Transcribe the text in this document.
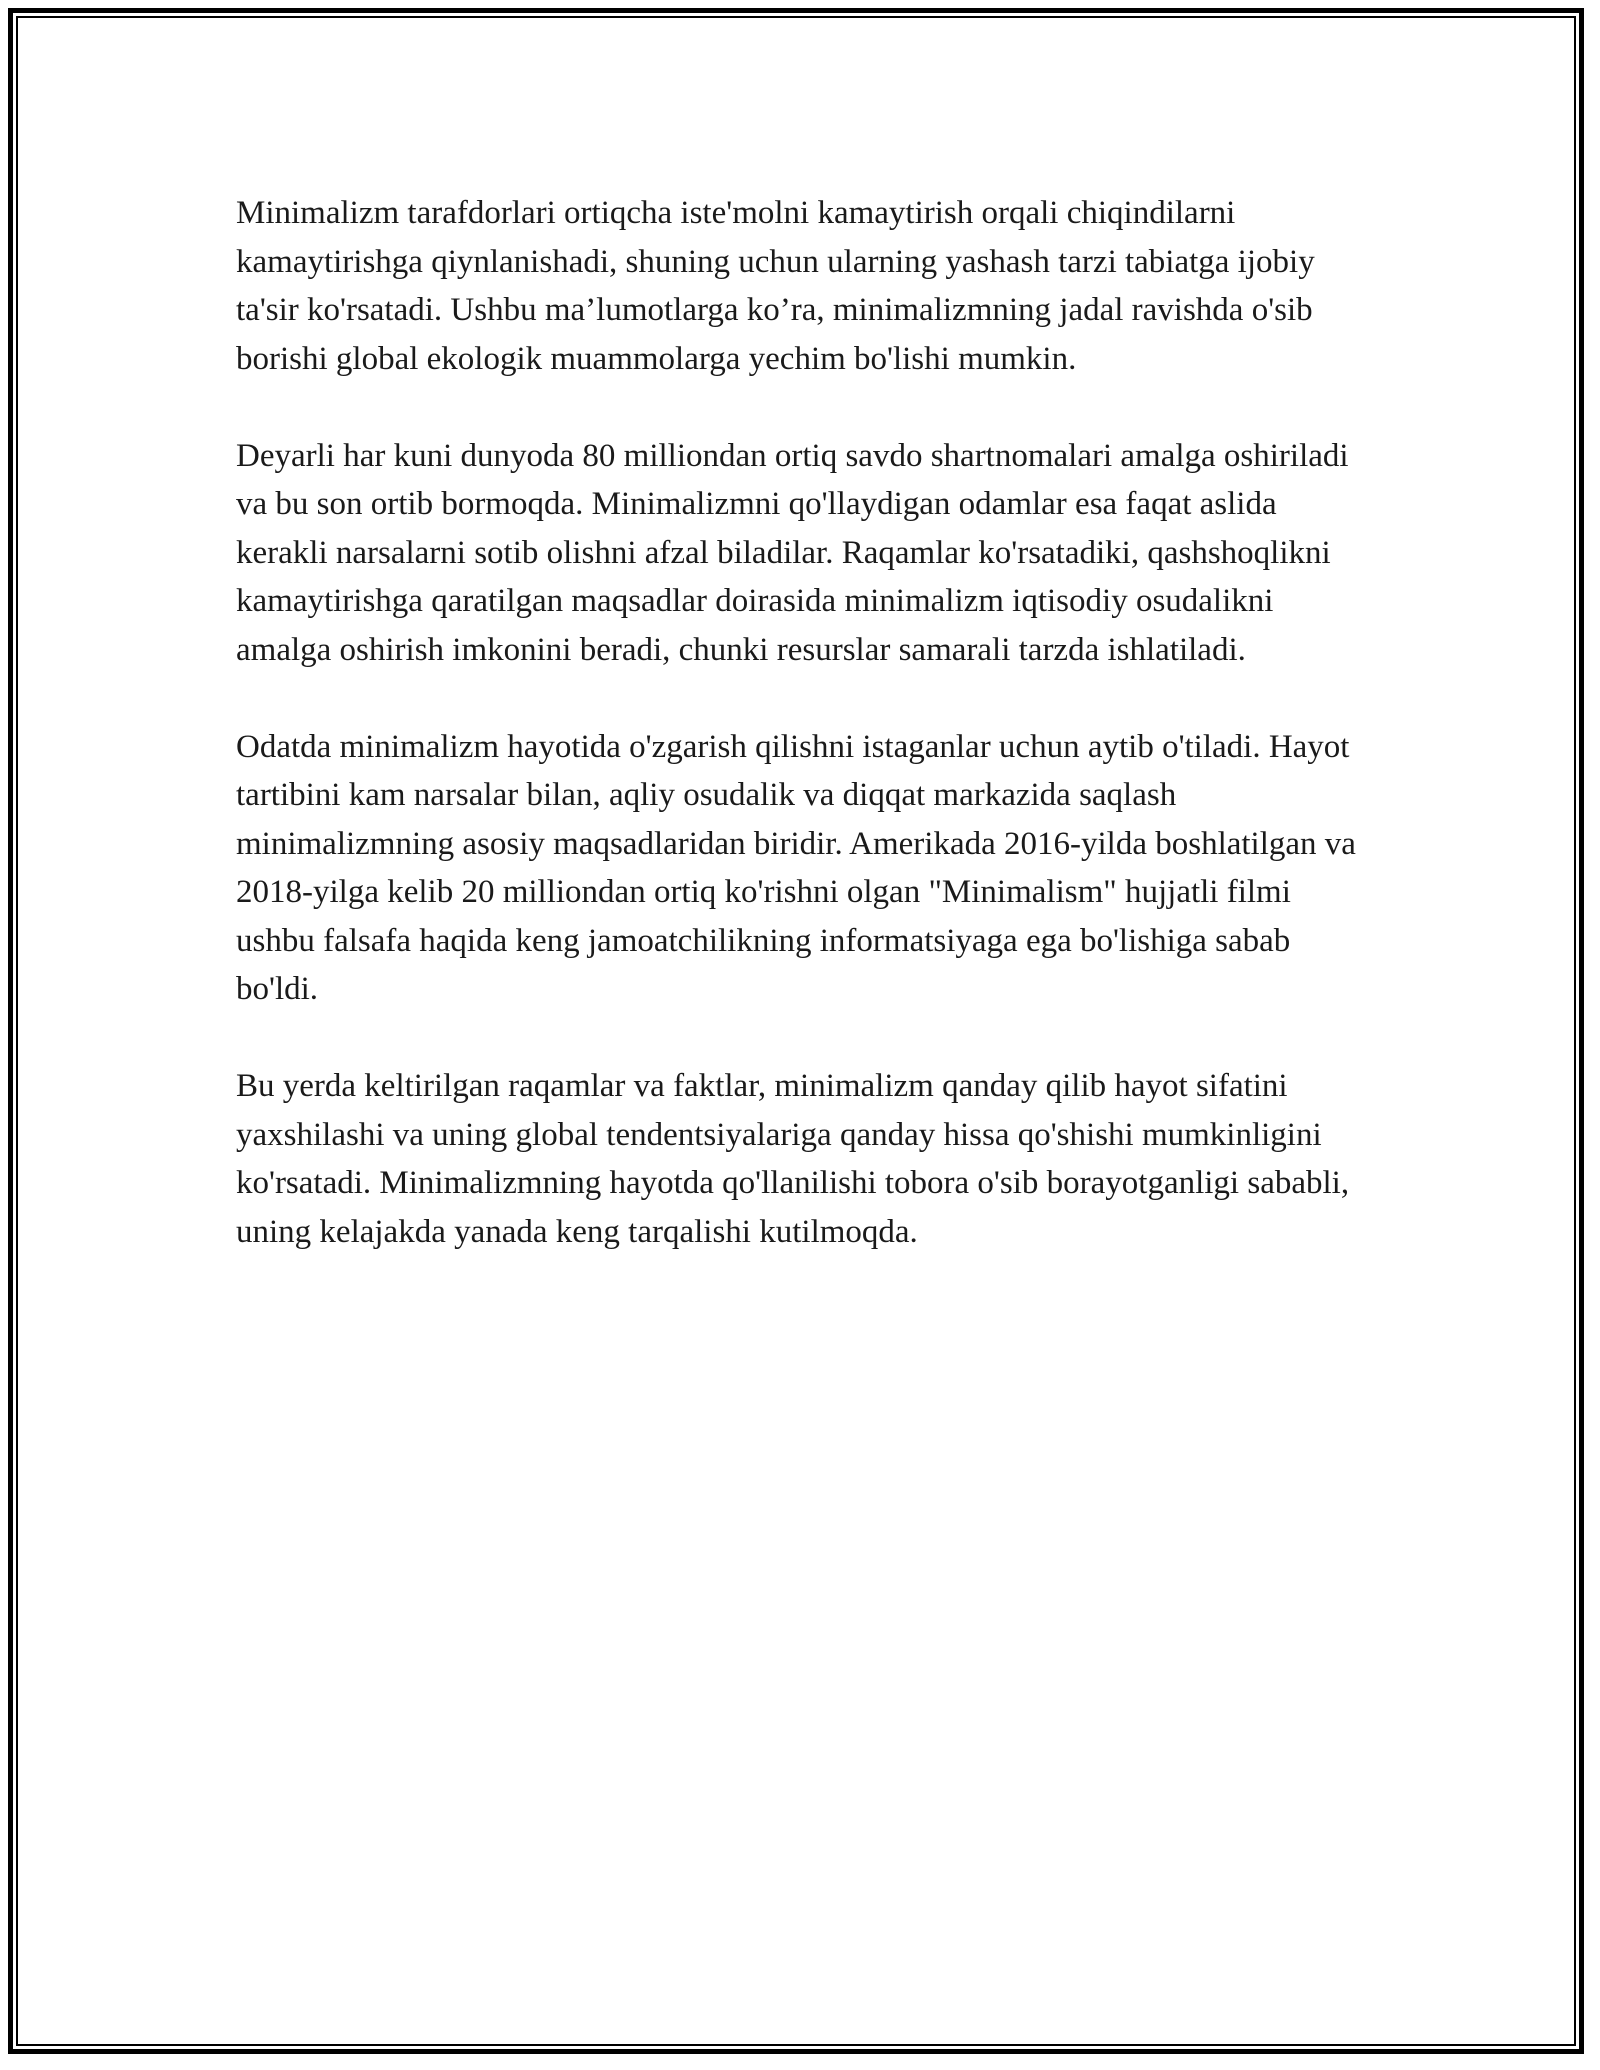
Minimalizm tarafdorlari ortiqcha iste'molni kamaytirish orqali chiqindilarni kamaytirishga qiynlanishadi, shuning uchun ularning yashash tarzi tabiatga ijobiy ta'sir ko'rsatadi. Ushbu ma’lumotlarga ko’ra, minimalizmning jadal ravishda o'sib borishi global ekologik muammolarga yechim bo'lishi mumkin.

Deyarli har kuni dunyoda 80 milliondan ortiq savdo shartnomalari amalga oshiriladi va bu son ortib bormoqda. Minimalizmni qo'llaydigan odamlar esa faqat aslida kerakli narsalarni sotib olishni afzal biladilar. Raqamlar ko'rsatadiki, qashshoqlikni kamaytirishga qaratilgan maqsadlar doirasida minimalizm iqtisodiy osudalikni amalga oshirish imkonini beradi, chunki resurslar samarali tarzda ishlatiladi.

Odatda minimalizm hayotida o'zgarish qilishni istaganlar uchun aytib o'tiladi. Hayot tartibini kam narsalar bilan, aqliy osudalik va diqqat markazida saqlash minimalizmning asosiy maqsadlaridan biridir. Amerikada 2016-yilda boshlatilgan va 2018-yilga kelib 20 milliondan ortiq ko'rishni olgan "Minimalism" hujjatli filmi ushbu falsafa haqida keng jamoatchilikning informatsiyaga ega bo'lishiga sabab bo'ldi.

Bu yerda keltirilgan raqamlar va faktlar, minimalizm qanday qilib hayot sifatini yaxshilashi va uning global tendentsiyalariga qanday hissa qo'shishi mumkinligini ko'rsatadi. Minimalizmning hayotda qo'llanilishi tobora o'sib borayotganligi sababli, uning kelajakda yanada keng tarqalishi kutilmoqda.
